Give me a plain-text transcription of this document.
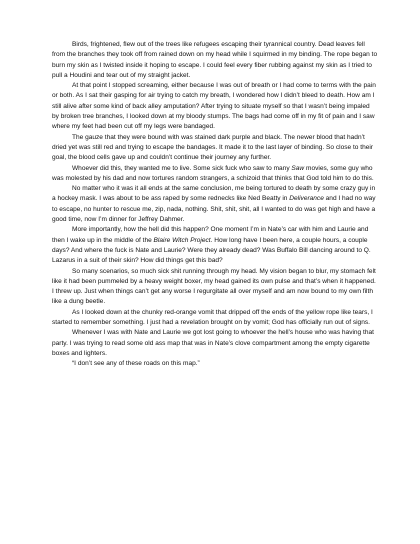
Birds, frightened, flew out of the trees like refugees escaping their tyrannical country. Dead leaves fell from the branches they took off from rained down on my head while I squirmed in my binding. The rope began to burn my skin as I twisted inside it hoping to escape. I could feel every fiber rubbing against my skin as I tried to pull a Houdini and tear out of my straight jacket.

At that point I stopped screaming, either because I was out of breath or I had come to terms with the pain or both. As I sat their gasping for air trying to catch my breath, I wondered how I didn’t bleed to death. How am I still alive after some kind of back alley amputation? After trying to situate myself so that I wasn’t being impaled by broken tree branches, I looked down at my bloody stumps. The bags had come off in my fit of pain and I saw where my feet had been cut off my legs were bandaged.

The gauze that they were bound with was stained dark purple and black. The newer blood that hadn’t dried yet was still red and trying to escape the bandages. It made it to the last layer of binding. So close to their goal, the blood cells gave up and couldn’t continue their journey any further.

Whoever did this, they wanted me to live. Some sick fuck who saw to many Saw movies, some guy who was molested by his dad and now tortures random strangers, a schizoid that thinks that God told him to do this.

No matter who it was it all ends at the same conclusion, me being tortured to death by some crazy guy in a hockey mask. I was about to be ass raped by some rednecks like Ned Beatty in Deliverance and I had no way to escape, no hunter to rescue me, zip, nada, nothing. Shit, shit, shit, all I wanted to do was get high and have a good time, now I’m dinner for Jeffrey Dahmer.

More importantly, how the hell did this happen? One moment I’m in Nate’s car with him and Laurie and then I wake up in the middle of the Blaire Witch Project. How long have I been here, a couple hours, a couple days? And where the fuck is Nate and Laurie? Were they already dead? Was Buffalo Bill dancing around to Q. Lazarus in a suit of their skin? How did things get this bad?

So many scenarios, so much sick shit running through my head. My vision began to blur, my stomach felt like it had been pummeled by a heavy weight boxer, my head gained its own pulse and that’s when it happened. I threw up. Just when things can’t get any worse I regurgitate all over myself and am now bound to my own filth like a dung beetle.

As I looked down at the chunky red-orange vomit that dripped off the ends of the yellow rope like tears, I started to remember something. I just had a revelation brought on by vomit; God has officially run out of signs.

Whenever I was with Nate and Laurie we got lost going to whoever the hell’s house who was having that party. I was trying to read some old ass map that was in Nate’s clove compartment among the empty cigarette boxes and lighters.

“I don’t see any of these roads on this map.”
